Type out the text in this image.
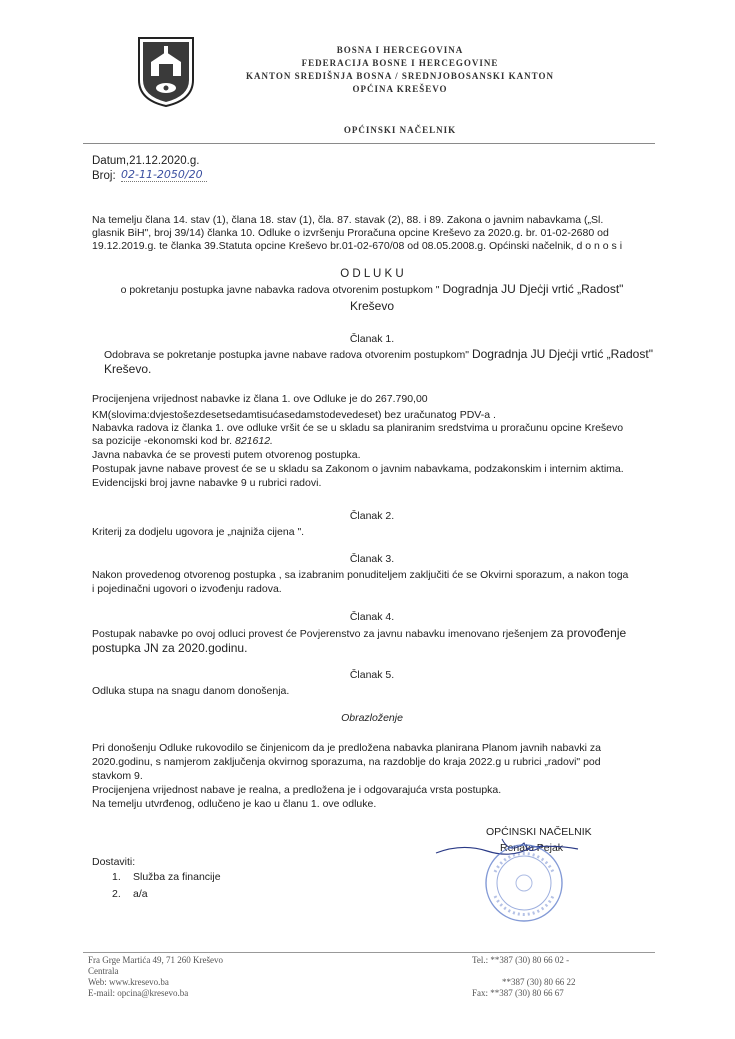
BOSNA I HERCEGOVINA
FEDERACIJA BOSNE I HERCEGOVINE
KANTON SREDIŠNJA BOSNA / SREDNJOBOSANSKI KANTON
OPĆINA KREŠEVO
OPĆINSKI NAČELNIK
Datum,21.12.2020.g.
Broj: 02-11-2050/20
Na temelju člana 14. stav (1), člana 18. stav (1), čla. 87. stavak (2), 88. i 89. Zakona o javnim nabavkama („Sl.
glasnik BiH", broj 39/14) članka 10. Odluke o izvršenju Proračuna opcine Kreševo za 2020.g. br. 01-02-2680 od
19.12.2019.g. te članka 39.Statuta opcine Kreševo br.01-02-670/08 od 08.05.2008.g. Općinski načelnik, d o n o s i
O D L U K U
o pokretanju postupka javne nabavka radova otvorenim postupkom " Dogradnja JU Djeċji vrtić „Radost"
Kreševo
Članak 1.
Odobrava se pokretanje postupka javne nabave radova otvorenim postupkom" Dogradnja JU Djeċji vrtić „Radost"
Kreševo.
Procijenjena vrijednost nabavke iz člana 1. ove Odluke je do 267.790,00
KM(slovima:dvjestošezdesetsedamtisućasedamstodevedeset) bez uračunatog PDV-a .
Nabavka radova iz članka 1. ove odluke vršit će se u skladu sa planiranim sredstvima u proračunu opcine Kreševo
sa pozicije -ekonomski kod br. 821612.
Javna nabavka će se provesti putem otvorenog postupka.
Postupak javne nabave provest će se u skladu sa Zakonom o javnim nabavkama, podzakonskim i internim aktima.
Evidencijski broj javne nabavke 9 u rubrici radovi.
Članak 2.
Kriterij za dodjelu ugovora je „najniža cijena ".
Članak 3.
Nakon provedenog otvorenog postupka , sa izabranim ponuditeljem zaključiti će se Okvirni sporazum, a nakon toga
i pojedinačni ugovori o izvođenju radova.
Članak 4.
Postupak nabavke po ovoj odluci provest će Povjerenstvo za javnu nabavku imenovano rješenjem za provođenje
postupka JN za 2020.godinu.
Članak 5.
Odluka stupa na snagu danom donošenja.
Obrazloženje
Pri donošenju Odluke rukovodilo se činjenicom da je predložena nabavka planirana Planom javnih nabavki za
2020.godinu, s namjerom zaključenja okvirnog sporazuma, na razdoblje do kraja 2022.g u rubrici „radovi" pod
stavkom 9.
Procijenjena vrijednost nabave je realna, a predložena je i odgovarajuća vrsta postupka.
Na temelju utvrđenog, odlučeno je kao u članu 1. ove odluke.
OPĆINSKI NAČELNIK
Renato Pejak
Dostaviti:
1. Služba za financije
2. a/a
Fra Grge Martića 49, 71 260 Kreševo
Centrala
Web: www.kresevo.ba
E-mail: opcina@kresevo.ba
Tel.: **387 (30) 80 66 02 -
**387 (30) 80 66 22
Fax: **387 (30) 80 66 67
